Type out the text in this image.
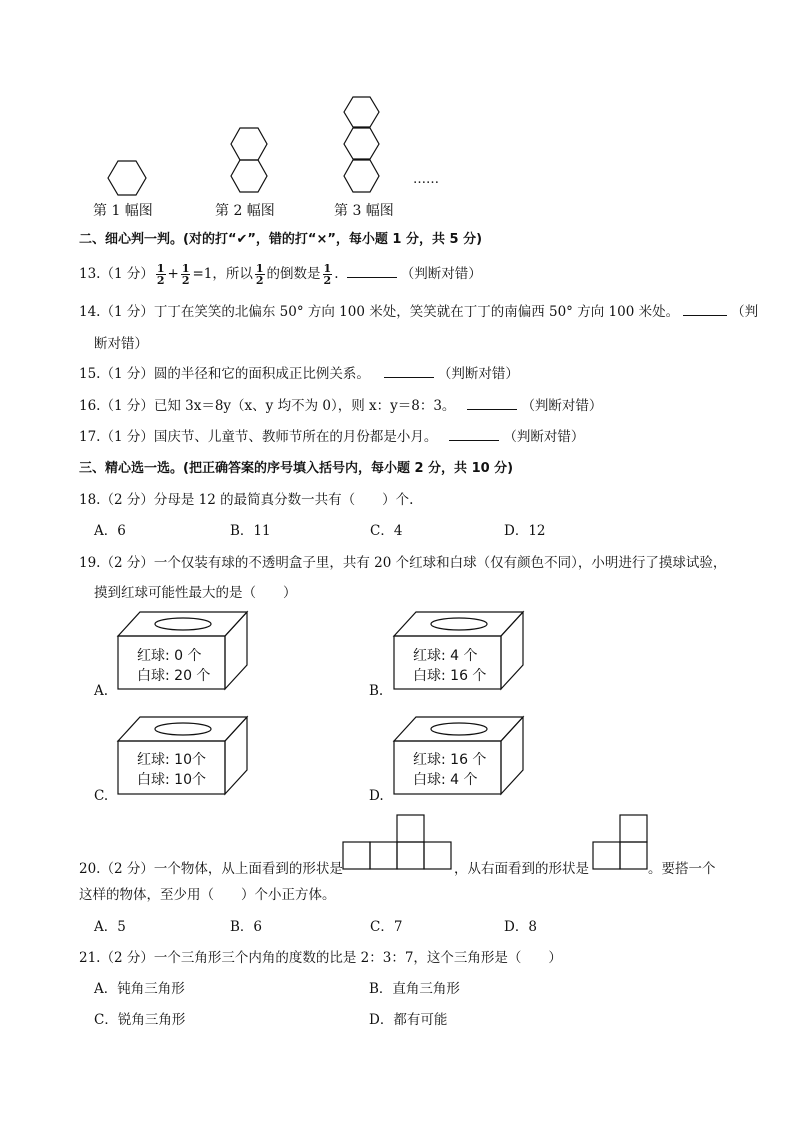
第 1 幅图	第 2 幅图	第 3 幅图
……
二、细心判一判。(对的打“✔”，错的打“×”，每小题 1 分，共 5 分)
13.（1 分） $\frac{1}{2} + \frac{1}{2} =1$，所以 $\frac{1}{2}$ 的倒数是 $\frac{1}{2}$ .	（判断对错）
14.（1 分）丁丁在笑笑的北偏东 50° 方向 100 米处，笑笑就在丁丁的南偏西 50° 方向 100 米处。	（判
断对错）
15.（1 分）圆的半径和它的面积成正比例关系。	（判断对错）
16.（1 分）已知 3x＝8y（x、y 均不为 0），则 x：y＝8：3。	（判断对错）
17.（1 分）国庆节、儿童节、教师节所在的月份都是小月。	（判断对错）
三、精心选一选。(把正确答案的序号填入括号内，每小题 2 分，共 10 分)
18.（2 分）分母是 12 的最简真分数一共有（　　）个.
A．6	B．11	C．4	D．12
19.（2 分）一个仅装有球的不透明盒子里，共有 20 个红球和白球（仅有颜色不同），小明进行了摸球试验，
摸到红球可能性最大的是（　　）
红球: 0 个
白球: 20 个
A.
红球: 4 个
白球: 16 个
B.
红球: 10个
白球: 10个
C.
红球: 16 个
白球: 4 个
D.
20.（2 分）一个物体，从上面看到的形状是	，从右面看到的形状是	。要搭一个
这样的物体，至少用（　　）个小正方体。
A．5	B．6	C．7	D．8
21.（2 分）一个三角形三个内角的度数的比是 2：3：7，这个三角形是（　　）
A．钝角三角形	B．直角三角形
C．锐角三角形	D．都有可能
